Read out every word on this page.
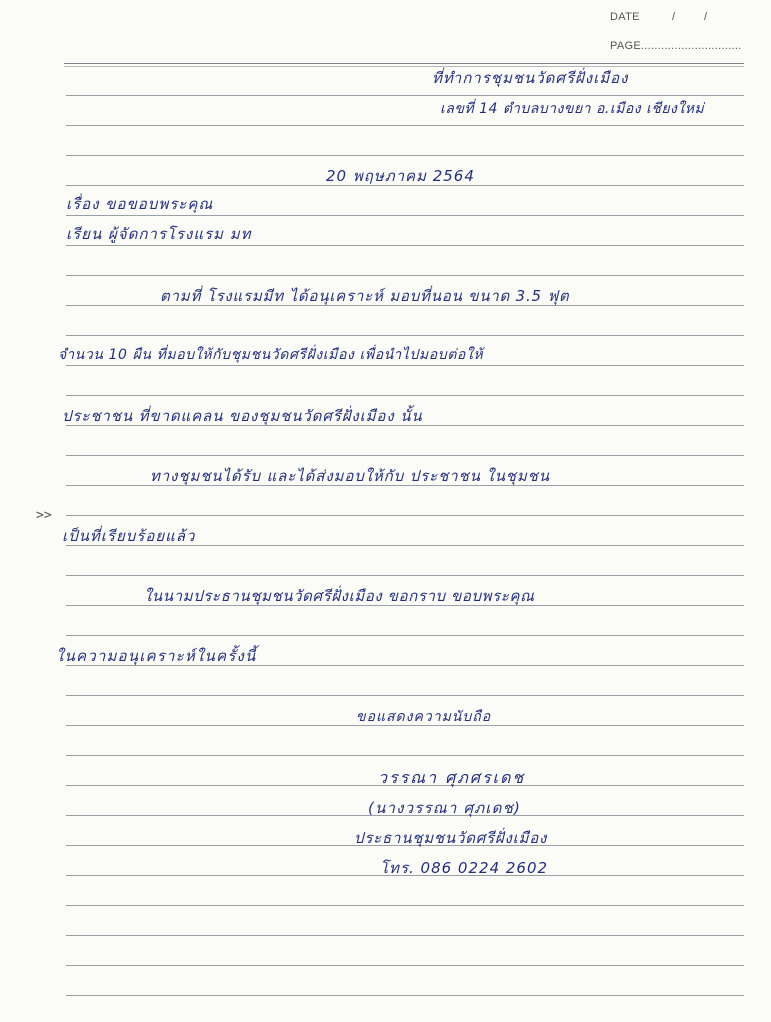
DATE	/	/
PAGE..............................
>>
ที่ทำการชุมชนวัดศรีฝั่งเมือง
เลขที่ 14 ตำบลบางขยา อ.เมือง เชียงใหม่
20 พฤษภาคม 2564
เรื่อง ขอขอบพระคุณ
เรียน ผู้จัดการโรงแรม มท
ตามที่ โรงแรมมีท ได้อนุเคราะห์ มอบที่นอน ขนาด 3.5 ฟุต
จำนวน 10 ผืน ที่มอบให้กับชุมชนวัดศรีฝั่งเมือง เพื่อนำไปมอบต่อให้
ประชาชน ที่ขาดแคลน ของชุมชนวัดศรีฝั่งเมือง นั้น
ทางชุมชนได้รับ และได้ส่งมอบให้กับ ประชาชน ในชุมชน
เป็นที่เรียบร้อยแล้ว
ในนามประธานชุมชนวัดศรีฝั่งเมือง ขอกราบ ขอบพระคุณ
ในความอนุเคราะห์ในครั้งนี้
ขอแสดงความนับถือ
วรรณา ศุภศรเดช
(นางวรรณา ศุภเดช)
ประธานชุมชนวัดศรีฝั่งเมือง
โทร. 086 0224 2602
